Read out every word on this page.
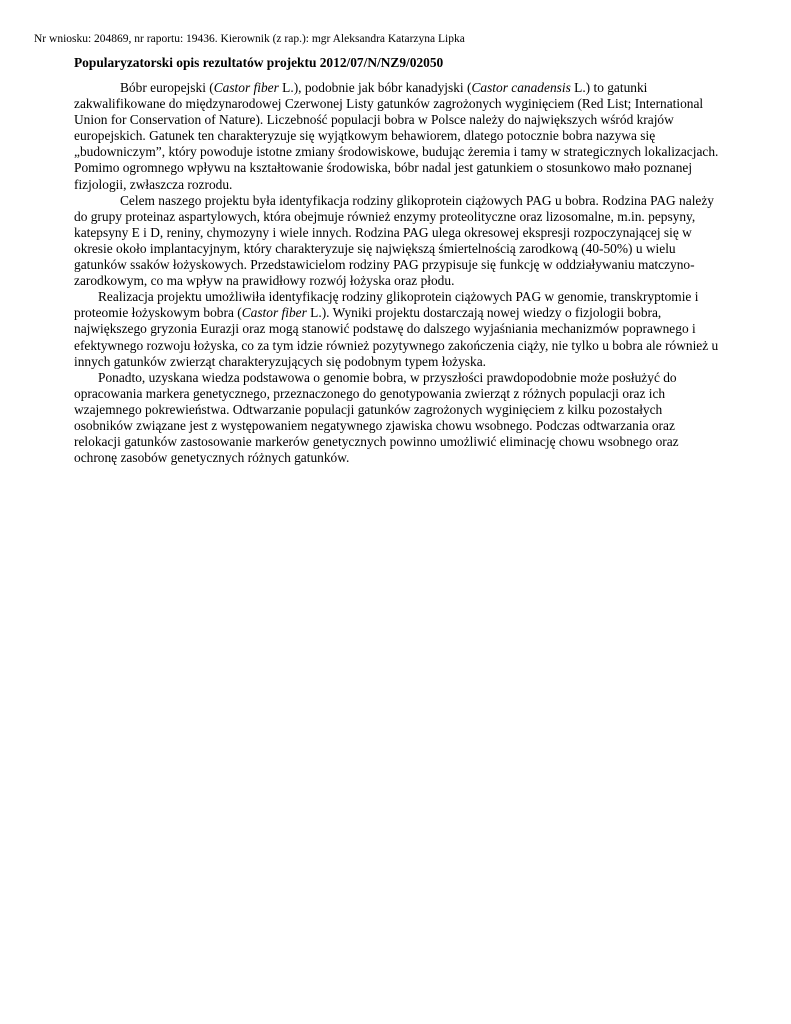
Nr wniosku: 204869, nr raportu: 19436. Kierownik (z rap.): mgr Aleksandra Katarzyna Lipka
Popularyzatorski opis rezultatów projektu 2012/07/N/NZ9/02050

Bóbr europejski (Castor fiber L.), podobnie jak bóbr kanadyjski (Castor canadensis L.) to gatunki zakwalifikowane do międzynarodowej Czerwonej Listy gatunków zagrożonych wyginięciem (Red List; International Union for Conservation of Nature). Liczebność populacji bobra w Polsce należy do największych wśród krajów europejskich. Gatunek ten charakteryzuje się wyjątkowym behawiorem, dlatego potocznie bobra nazywa się „budowniczym”, który powoduje istotne zmiany środowiskowe, budując żeremia i tamy w strategicznych lokalizacjach. Pomimo ogromnego wpływu na kształtowanie środowiska, bóbr nadal jest gatunkiem o stosunkowo mało poznanej fizjologii, zwłaszcza rozrodu.

Celem naszego projektu była identyfikacja rodziny glikoprotein ciążowych PAG u bobra. Rodzina PAG należy do grupy proteinaz aspartylowych, która obejmuje również enzymy proteolityczne oraz lizosomalne, m.in. pepsyny, katepsyny E i D, reniny, chymozyny i wiele innych. Rodzina PAG ulega okresowej ekspresji rozpoczynającej się w okresie około implantacyjnym, który charakteryzuje się największą śmiertelnością zarodkową (40-50%) u wielu gatunków ssaków łożyskowych. Przedstawicielom rodziny PAG przypisuje się funkcję w oddziaływaniu matczyno-zarodkowym, co ma wpływ na prawidłowy rozwój łożyska oraz płodu.

Realizacja projektu umożliwiła identyfikację rodziny glikoprotein ciążowych PAG w genomie, transkryptomie i proteomie łożyskowym bobra (Castor fiber L.). Wyniki projektu dostarczają nowej wiedzy o fizjologii bobra, największego gryzonia Eurazji oraz mogą stanowić podstawę do dalszego wyjaśniania mechanizmów poprawnego i efektywnego rozwoju łożyska, co za tym idzie również pozytywnego zakończenia ciąży, nie tylko u bobra ale również u innych gatunków zwierząt charakteryzujących się podobnym typem łożyska.

Ponadto, uzyskana wiedza podstawowa o genomie bobra, w przyszłości prawdopodobnie może posłużyć do opracowania markera genetycznego, przeznaczonego do genotypowania zwierząt z różnych populacji oraz ich wzajemnego pokrewieństwa. Odtwarzanie populacji gatunków zagrożonych wyginięciem z kilku pozostałych osobników związane jest z występowaniem negatywnego zjawiska chowu wsobnego. Podczas odtwarzania oraz relokacji gatunków zastosowanie markerów genetycznych powinno umożliwić eliminację chowu wsobnego oraz ochronę zasobów genetycznych różnych gatunków.
